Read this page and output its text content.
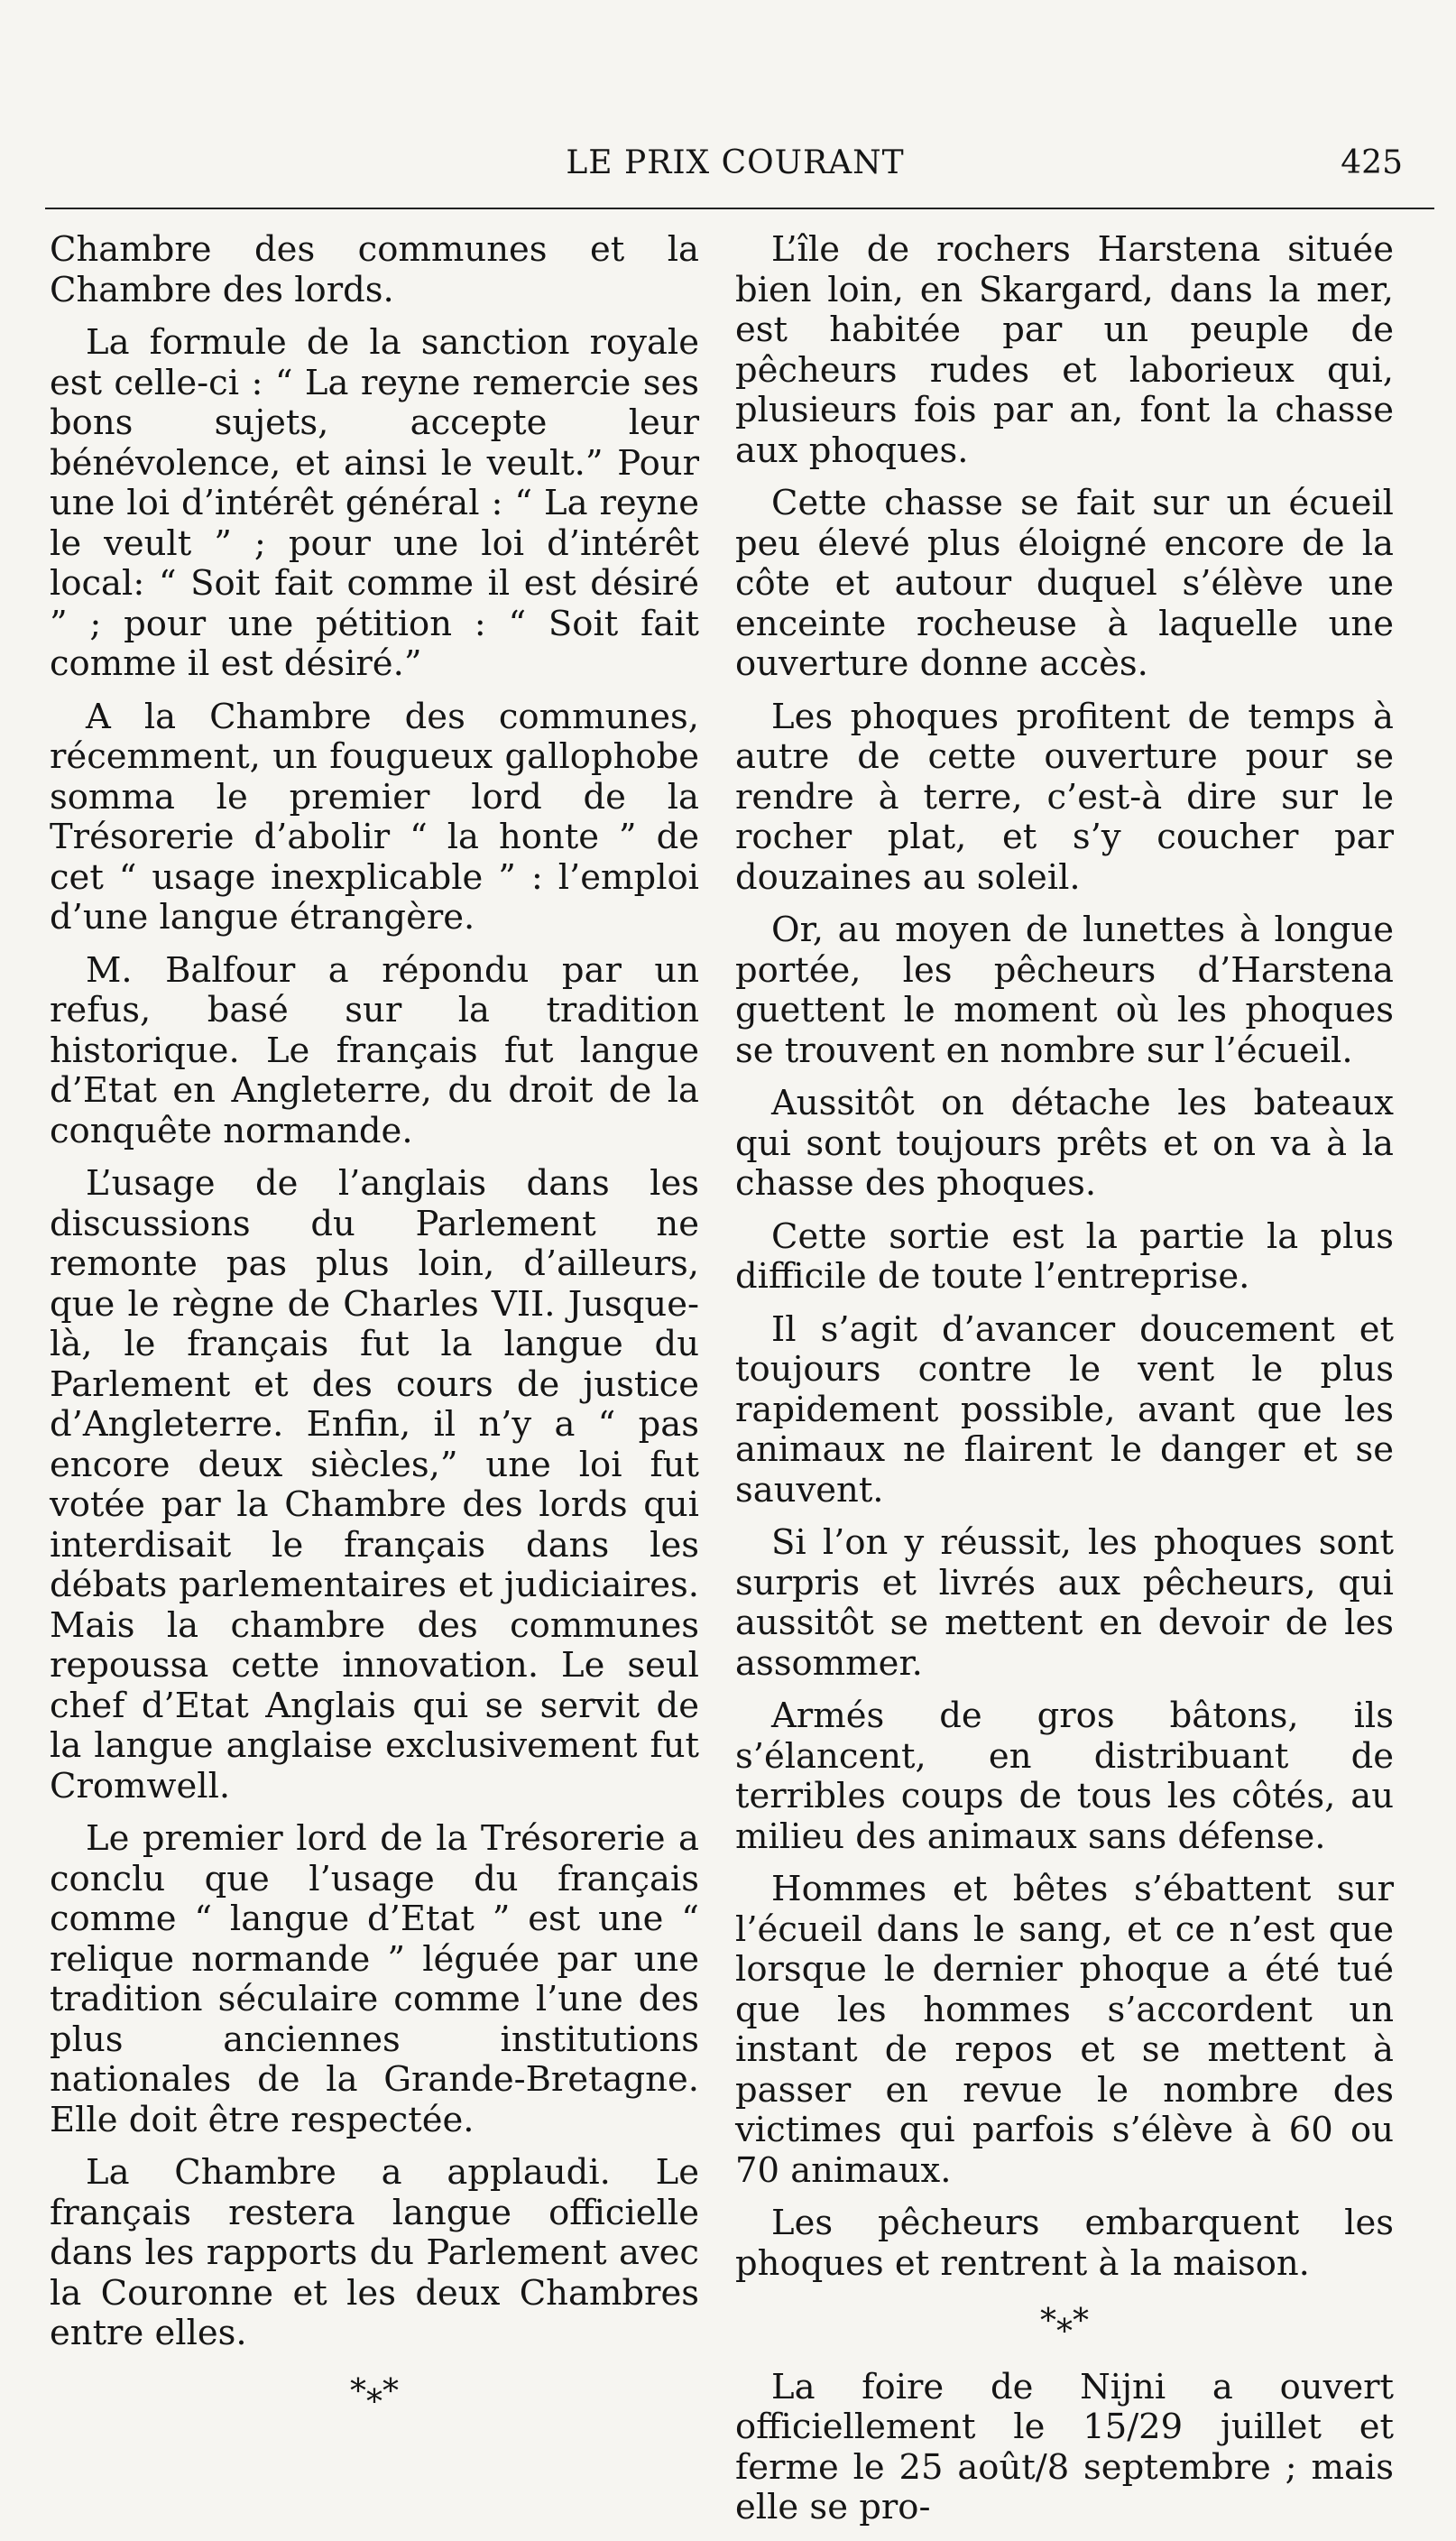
LE PRIX COURANT	425

Chambre des communes et la Chambre des lords.

La formule de la sanction royale est celle-ci : “ La reyne remercie ses bons sujets, accepte leur bénévolence, et ainsi le veult.” Pour une loi d’intérêt général : “ La reyne le veult ” ; pour une loi d’intérêt local: “ Soit fait comme il est désiré ” ; pour une pétition : “ Soit fait comme il est désiré.”

A la Chambre des communes, récemment, un fougueux gallophobe somma le premier lord de la Trésorerie d’abolir “ la honte ” de cet “ usage inexplicable ” : l’emploi d’une langue étrangère.

M. Balfour a répondu par un refus, basé sur la tradition historique. Le français fut langue d’Etat en Angleterre, du droit de la conquête normande.

L’usage de l’anglais dans les discussions du Parlement ne remonte pas plus loin, d’ailleurs, que le règne de Charles VII. Jusque-là, le français fut la langue du Parlement et des cours de justice d’Angleterre. Enfin, il n’y a “ pas encore deux siècles,” une loi fut votée par la Chambre des lords qui interdisait le français dans les débats parlementaires et judiciaires. Mais la chambre des communes repoussa cette innovation. Le seul chef d’Etat Anglais qui se servit de la langue anglaise exclusivement fut Cromwell.

Le premier lord de la Trésorerie a conclu que l’usage du français comme “ langue d’Etat ” est une “ relique normande ” léguée par une tradition séculaire comme l’une des plus anciennes institutions nationales de la Grande-Bretagne. Elle doit être respectée.

La Chambre a applaudi. Le français restera langue officielle dans les rapports du Parlement avec la Couronne et les deux Chambres entre elles.

*⁎*

L’île de rochers Harstena située bien loin, en Skargard, dans la mer, est habitée par un peuple de pêcheurs rudes et laborieux qui, plusieurs fois par an, font la chasse aux phoques.

Cette chasse se fait sur un écueil peu élevé plus éloigné encore de la côte et autour duquel s’élève une enceinte rocheuse à laquelle une ouverture donne accès.

Les phoques profitent de temps à autre de cette ouverture pour se rendre à terre, c’est-à dire sur le rocher plat, et s’y coucher par douzaines au soleil.

Or, au moyen de lunettes à longue portée, les pêcheurs d’Harstena guettent le moment où les phoques se trouvent en nombre sur l’écueil.

Aussitôt on détache les bateaux qui sont toujours prêts et on va à la chasse des phoques.

Cette sortie est la partie la plus difficile de toute l’entreprise.

Il s’agit d’avancer doucement et toujours contre le vent le plus rapidement possible, avant que les animaux ne flairent le danger et se sauvent.

Si l’on y réussit, les phoques sont surpris et livrés aux pêcheurs, qui aussitôt se mettent en devoir de les assommer.

Armés de gros bâtons, ils s’élancent, en distribuant de terribles coups de tous les côtés, au milieu des animaux sans défense.

Hommes et bêtes s’ébattent sur l’écueil dans le sang, et ce n’est que lorsque le dernier phoque a été tué que les hommes s’accordent un instant de repos et se mettent à passer en revue le nombre des victimes qui parfois s’élève à 60 ou 70 animaux.

Les pêcheurs embarquent les phoques et rentrent à la maison.

*⁎*

La foire de Nijni a ouvert officiellement le 15/29 juillet et ferme le 25 août/8 septembre ; mais elle se pro-
